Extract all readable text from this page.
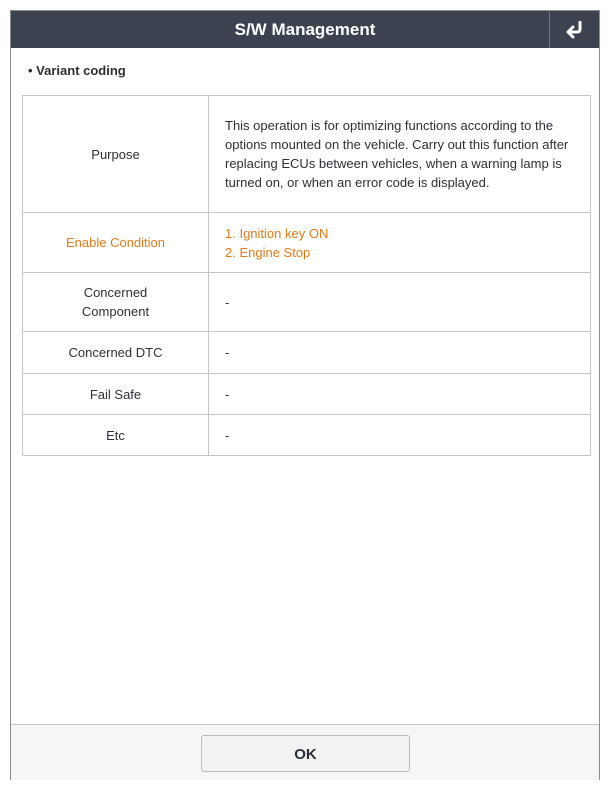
S/W Management
• Variant coding
Purpose	This operation is for optimizing functions according to the options mounted on the vehicle. Carry out this function after replacing ECUs between vehicles, when a warning lamp is turned on, or when an error code is displayed.
Enable Condition	1. Ignition key ON
2. Engine Stop

Concerned
Component	-
Concerned DTC	-
Fail Safe	-
Etc	-
OK
